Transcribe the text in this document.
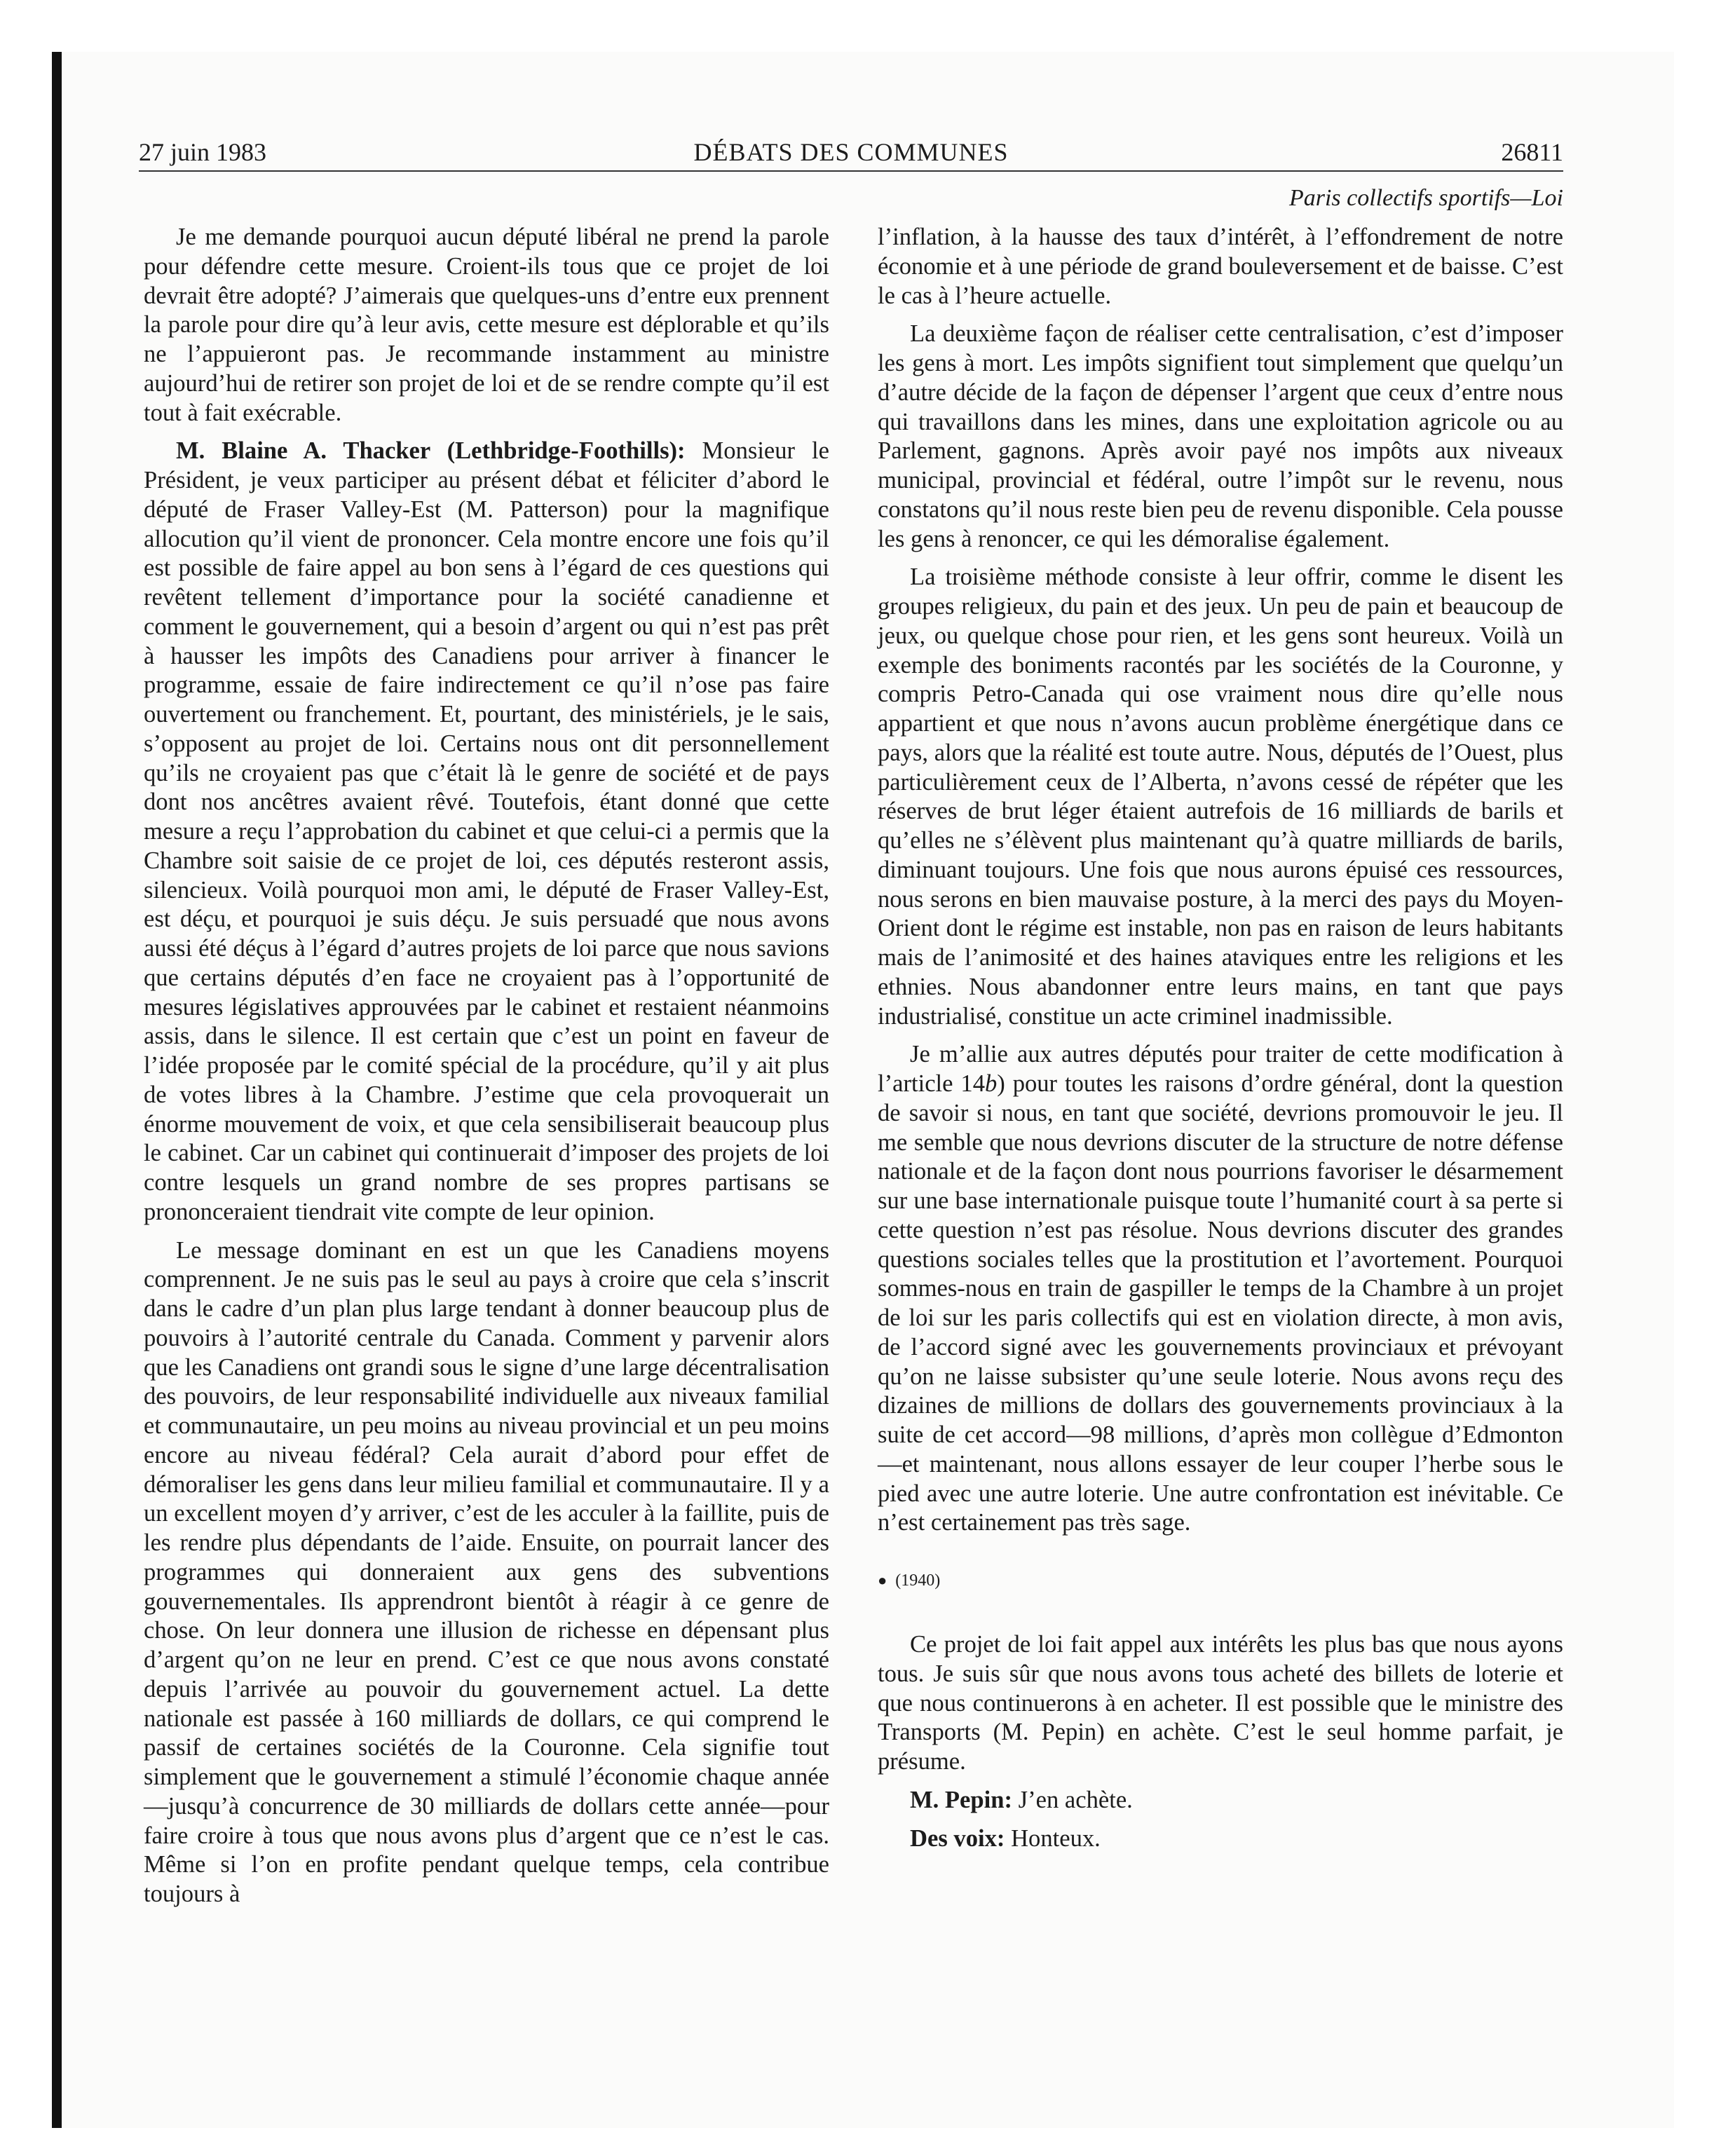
27 juin 1983	DÉBATS DES COMMUNES	26811
Paris collectifs sportifs—Loi

Je me demande pourquoi aucun député libéral ne prend la parole pour défendre cette mesure. Croient-ils tous que ce projet de loi devrait être adopté? J’aimerais que quelques-uns d’entre eux prennent la parole pour dire qu’à leur avis, cette mesure est déplorable et qu’ils ne l’appuieront pas. Je recommande instamment au ministre aujourd’hui de retirer son projet de loi et de se rendre compte qu’il est tout à fait exécrable.

M. Blaine A. Thacker (Lethbridge-Foothills): Monsieur le Président, je veux participer au présent débat et féliciter d’abord le député de Fraser Valley-Est (M. Patterson) pour la magnifique allocution qu’il vient de prononcer. Cela montre encore une fois qu’il est possible de faire appel au bon sens à l’égard de ces questions qui revêtent tellement d’importance pour la société canadienne et comment le gouvernement, qui a besoin d’argent ou qui n’est pas prêt à hausser les impôts des Canadiens pour arriver à financer le programme, essaie de faire indirectement ce qu’il n’ose pas faire ouvertement ou franchement. Et, pourtant, des ministériels, je le sais, s’opposent au projet de loi. Certains nous ont dit personnellement qu’ils ne croyaient pas que c’était là le genre de société et de pays dont nos ancêtres avaient rêvé. Toutefois, étant donné que cette mesure a reçu l’approbation du cabinet et que celui-ci a permis que la Chambre soit saisie de ce projet de loi, ces députés resteront assis, silencieux. Voilà pourquoi mon ami, le député de Fraser Valley-Est, est déçu, et pourquoi je suis déçu. Je suis persuadé que nous avons aussi été déçus à l’égard d’autres projets de loi parce que nous savions que certains députés d’en face ne croyaient pas à l’opportunité de mesures législatives approuvées par le cabinet et restaient néanmoins assis, dans le silence. Il est certain que c’est un point en faveur de l’idée proposée par le comité spécial de la procédure, qu’il y ait plus de votes libres à la Chambre. J’estime que cela provoquerait un énorme mouvement de voix, et que cela sensibiliserait beaucoup plus le cabinet. Car un cabinet qui continuerait d’imposer des projets de loi contre lesquels un grand nombre de ses propres partisans se prononceraient tiendrait vite compte de leur opinion.

Le message dominant en est un que les Canadiens moyens comprennent. Je ne suis pas le seul au pays à croire que cela s’inscrit dans le cadre d’un plan plus large tendant à donner beaucoup plus de pouvoirs à l’autorité centrale du Canada. Comment y parvenir alors que les Canadiens ont grandi sous le signe d’une large décentralisation des pouvoirs, de leur responsabilité individuelle aux niveaux familial et communautaire, un peu moins au niveau provincial et un peu moins encore au niveau fédéral? Cela aurait d’abord pour effet de démoraliser les gens dans leur milieu familial et communautaire. Il y a un excellent moyen d’y arriver, c’est de les acculer à la faillite, puis de les rendre plus dépendants de l’aide. Ensuite, on pourrait lancer des programmes qui donneraient aux gens des subventions gouvernementales. Ils apprendront bientôt à réagir à ce genre de chose. On leur donnera une illusion de richesse en dépensant plus d’argent qu’on ne leur en prend. C’est ce que nous avons constaté depuis l’arrivée au pouvoir du gouvernement actuel. La dette nationale est passée à 160 milliards de dollars, ce qui comprend le passif de certaines sociétés de la Couronne. Cela signifie tout simplement que le gouvernement a stimulé l’économie chaque année—jusqu’à concurrence de 30 milliards de dollars cette année—pour faire croire à tous que nous avons plus d’argent que ce n’est le cas. Même si l’on en profite pendant quelque temps, cela contribue toujours à

l’inflation, à la hausse des taux d’intérêt, à l’effondrement de notre économie et à une période de grand bouleversement et de baisse. C’est le cas à l’heure actuelle.

La deuxième façon de réaliser cette centralisation, c’est d’imposer les gens à mort. Les impôts signifient tout simplement que quelqu’un d’autre décide de la façon de dépenser l’argent que ceux d’entre nous qui travaillons dans les mines, dans une exploitation agricole ou au Parlement, gagnons. Après avoir payé nos impôts aux niveaux municipal, provincial et fédéral, outre l’impôt sur le revenu, nous constatons qu’il nous reste bien peu de revenu disponible. Cela pousse les gens à renoncer, ce qui les démoralise également.

La troisième méthode consiste à leur offrir, comme le disent les groupes religieux, du pain et des jeux. Un peu de pain et beaucoup de jeux, ou quelque chose pour rien, et les gens sont heureux. Voilà un exemple des boniments racontés par les sociétés de la Couronne, y compris Petro-Canada qui ose vraiment nous dire qu’elle nous appartient et que nous n’avons aucun problème énergétique dans ce pays, alors que la réalité est toute autre. Nous, députés de l’Ouest, plus particulièrement ceux de l’Alberta, n’avons cessé de répéter que les réserves de brut léger étaient autrefois de 16 milliards de barils et qu’elles ne s’élèvent plus maintenant qu’à quatre milliards de barils, diminuant toujours. Une fois que nous aurons épuisé ces ressources, nous serons en bien mauvaise posture, à la merci des pays du Moyen-Orient dont le régime est instable, non pas en raison de leurs habitants mais de l’animosité et des haines ataviques entre les religions et les ethnies. Nous abandonner entre leurs mains, en tant que pays industrialisé, constitue un acte criminel inadmissible.

Je m’allie aux autres députés pour traiter de cette modification à l’article 14b) pour toutes les raisons d’ordre général, dont la question de savoir si nous, en tant que société, devrions promouvoir le jeu. Il me semble que nous devrions discuter de la structure de notre défense nationale et de la façon dont nous pourrions favoriser le désarmement sur une base internationale puisque toute l’humanité court à sa perte si cette question n’est pas résolue. Nous devrions discuter des grandes questions sociales telles que la prostitution et l’avortement. Pourquoi sommes-nous en train de gaspiller le temps de la Chambre à un projet de loi sur les paris collectifs qui est en violation directe, à mon avis, de l’accord signé avec les gouvernements provinciaux et prévoyant qu’on ne laisse subsister qu’une seule loterie. Nous avons reçu des dizaines de millions de dollars des gouvernements provinciaux à la suite de cet accord—98 millions, d’après mon collègue d’Edmonton—et maintenant, nous allons essayer de leur couper l’herbe sous le pied avec une autre loterie. Une autre confrontation est inévitable. Ce n’est certainement pas très sage.

● (1940)

Ce projet de loi fait appel aux intérêts les plus bas que nous ayons tous. Je suis sûr que nous avons tous acheté des billets de loterie et que nous continuerons à en acheter. Il est possible que le ministre des Transports (M. Pepin) en achète. C’est le seul homme parfait, je présume.

M. Pepin: J’en achète.

Des voix: Honteux.
